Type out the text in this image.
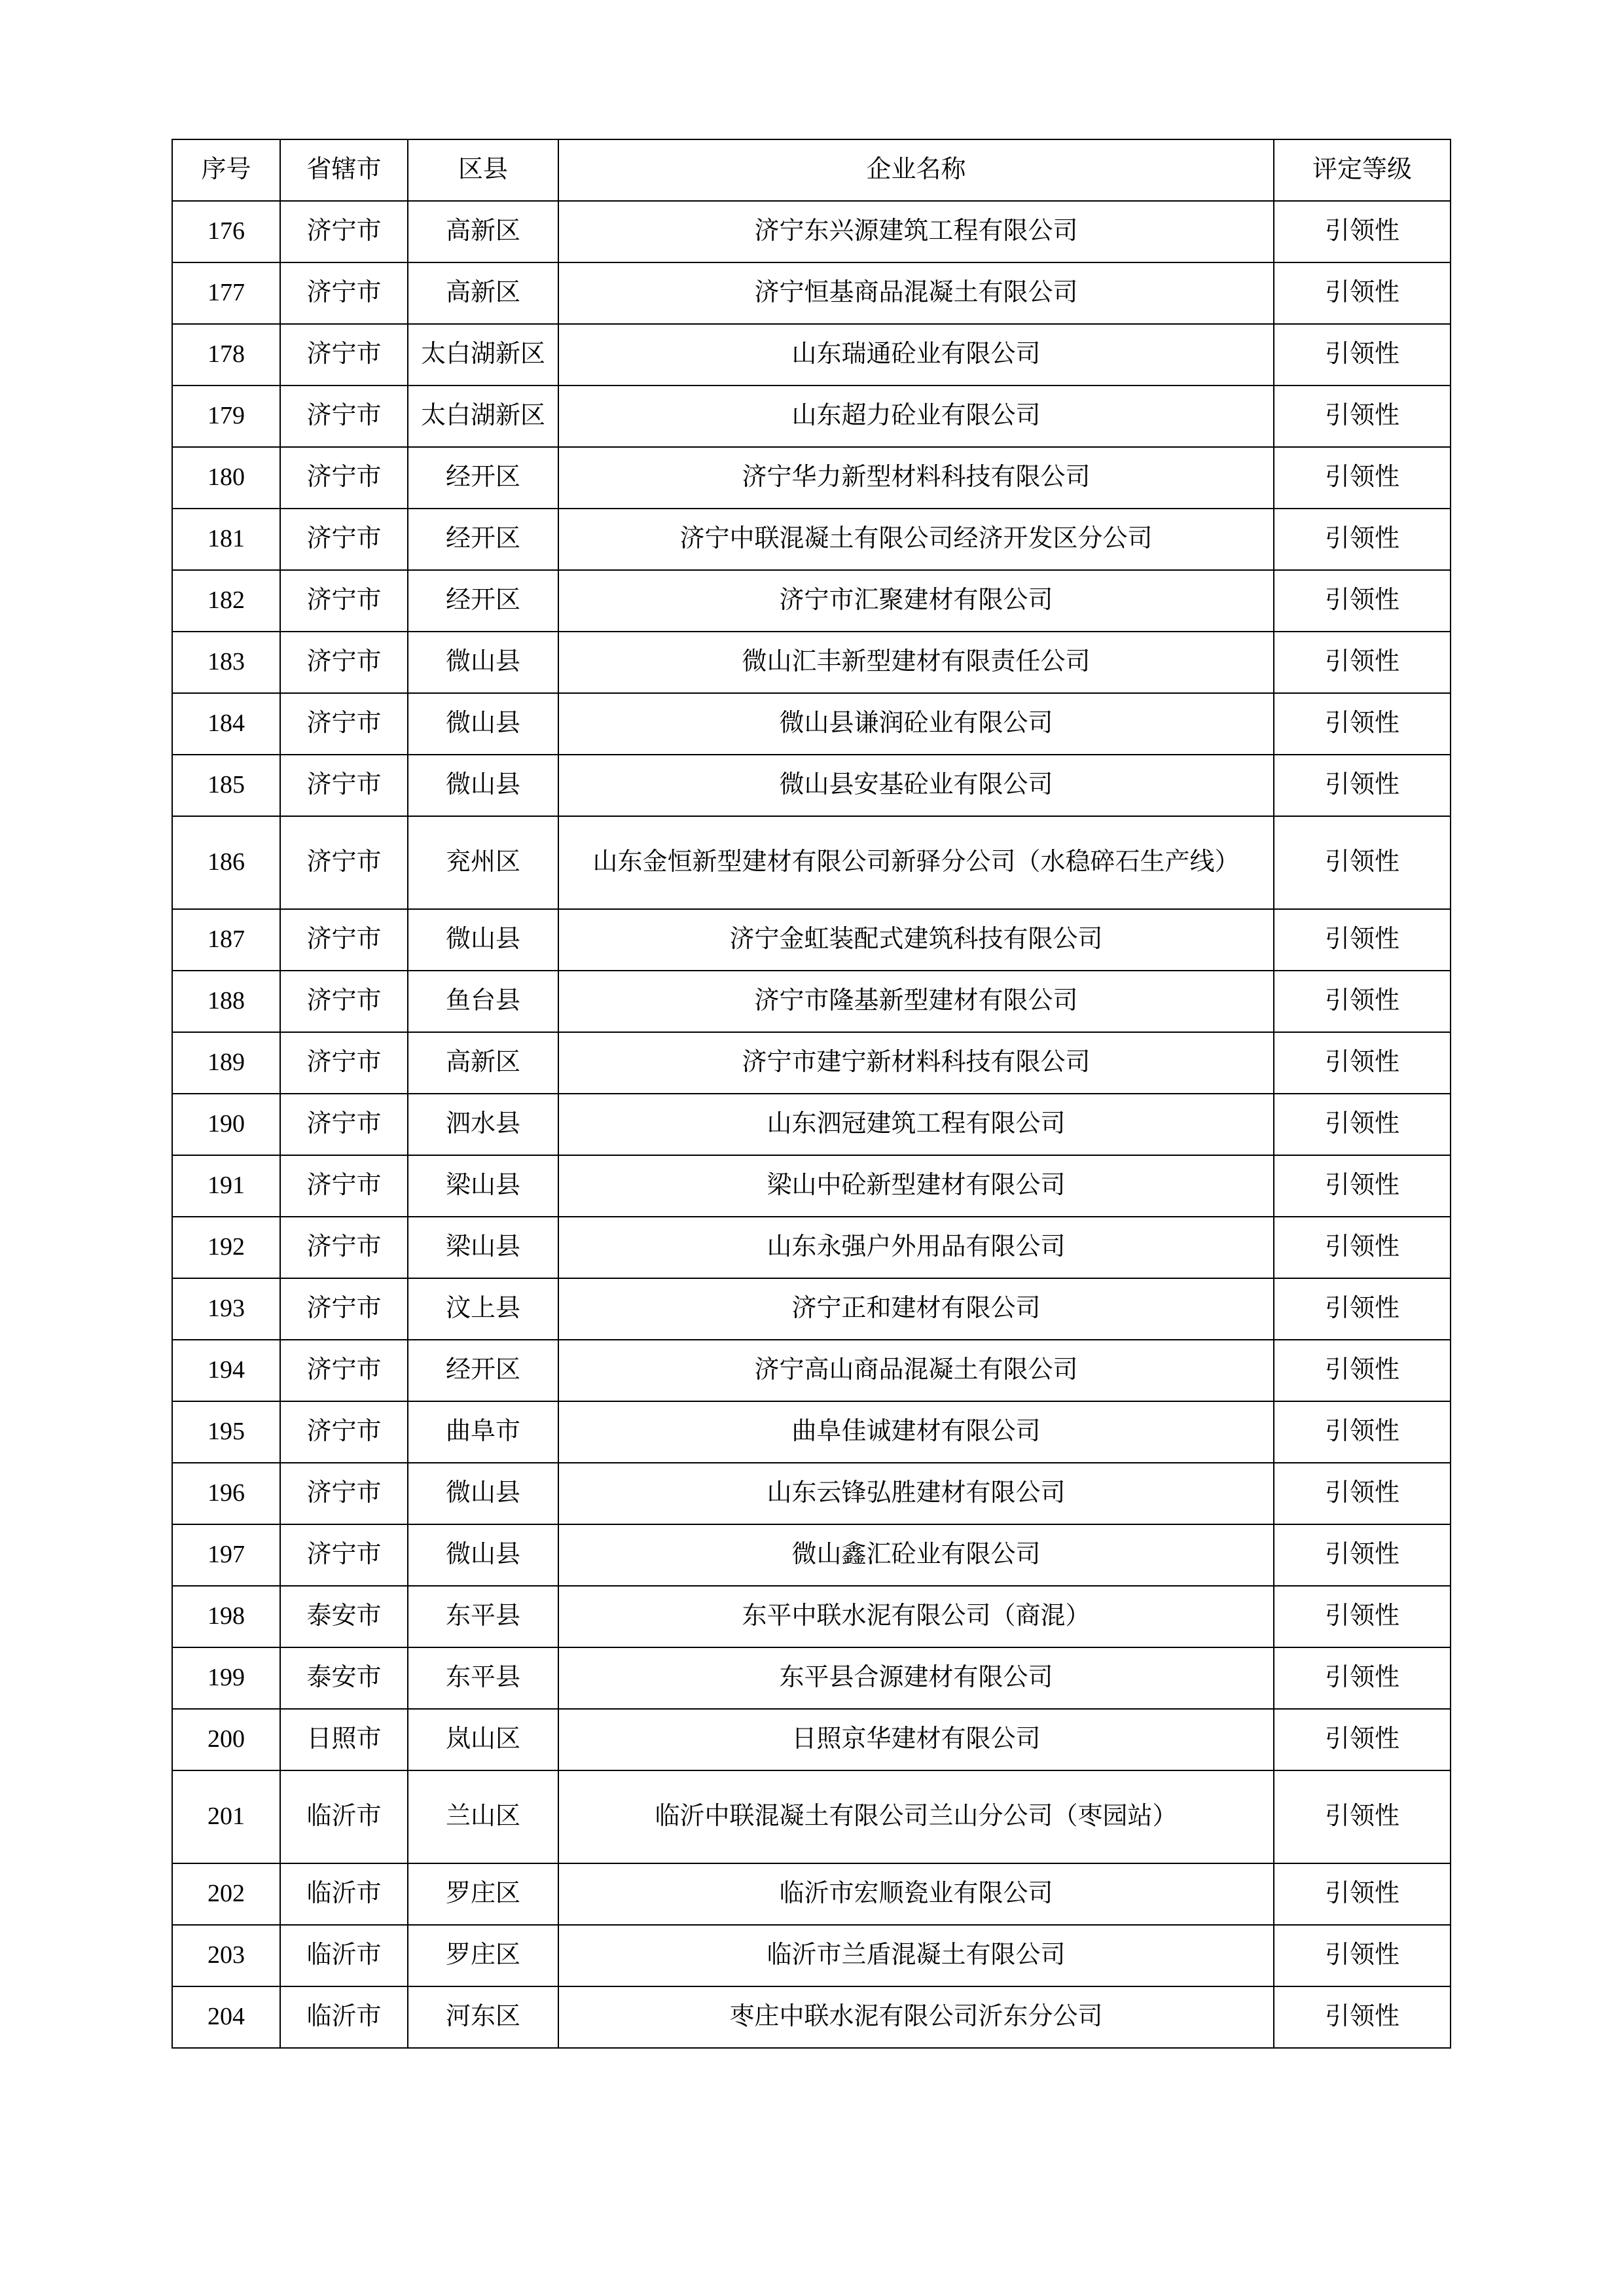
序号	省辖市	区县	企业名称	评定等级
176	济宁市	高新区	济宁东兴源建筑工程有限公司	引领性
177	济宁市	高新区	济宁恒基商品混凝土有限公司	引领性
178	济宁市	太白湖新区	山东瑞通砼业有限公司	引领性
179	济宁市	太白湖新区	山东超力砼业有限公司	引领性
180	济宁市	经开区	济宁华力新型材料科技有限公司	引领性
181	济宁市	经开区	济宁中联混凝土有限公司经济开发区分公司	引领性
182	济宁市	经开区	济宁市汇聚建材有限公司	引领性
183	济宁市	微山县	微山汇丰新型建材有限责任公司	引领性
184	济宁市	微山县	微山县谦润砼业有限公司	引领性
185	济宁市	微山县	微山县安基砼业有限公司	引领性
186	济宁市	兖州区	山东金恒新型建材有限公司新驿分公司（水稳碎石生产线）	引领性
187	济宁市	微山县	济宁金虹装配式建筑科技有限公司	引领性
188	济宁市	鱼台县	济宁市隆基新型建材有限公司	引领性
189	济宁市	高新区	济宁市建宁新材料科技有限公司	引领性
190	济宁市	泗水县	山东泗冠建筑工程有限公司	引领性
191	济宁市	梁山县	梁山中砼新型建材有限公司	引领性
192	济宁市	梁山县	山东永强户外用品有限公司	引领性
193	济宁市	汶上县	济宁正和建材有限公司	引领性
194	济宁市	经开区	济宁高山商品混凝土有限公司	引领性
195	济宁市	曲阜市	曲阜佳诚建材有限公司	引领性
196	济宁市	微山县	山东云锋弘胜建材有限公司	引领性
197	济宁市	微山县	微山鑫汇砼业有限公司	引领性
198	泰安市	东平县	东平中联水泥有限公司（商混）	引领性
199	泰安市	东平县	东平县合源建材有限公司	引领性
200	日照市	岚山区	日照京华建材有限公司	引领性
201	临沂市	兰山区	临沂中联混凝土有限公司兰山分公司（枣园站）	引领性
202	临沂市	罗庄区	临沂市宏顺瓷业有限公司	引领性
203	临沂市	罗庄区	临沂市兰盾混凝土有限公司	引领性
204	临沂市	河东区	枣庄中联水泥有限公司沂东分公司	引领性
